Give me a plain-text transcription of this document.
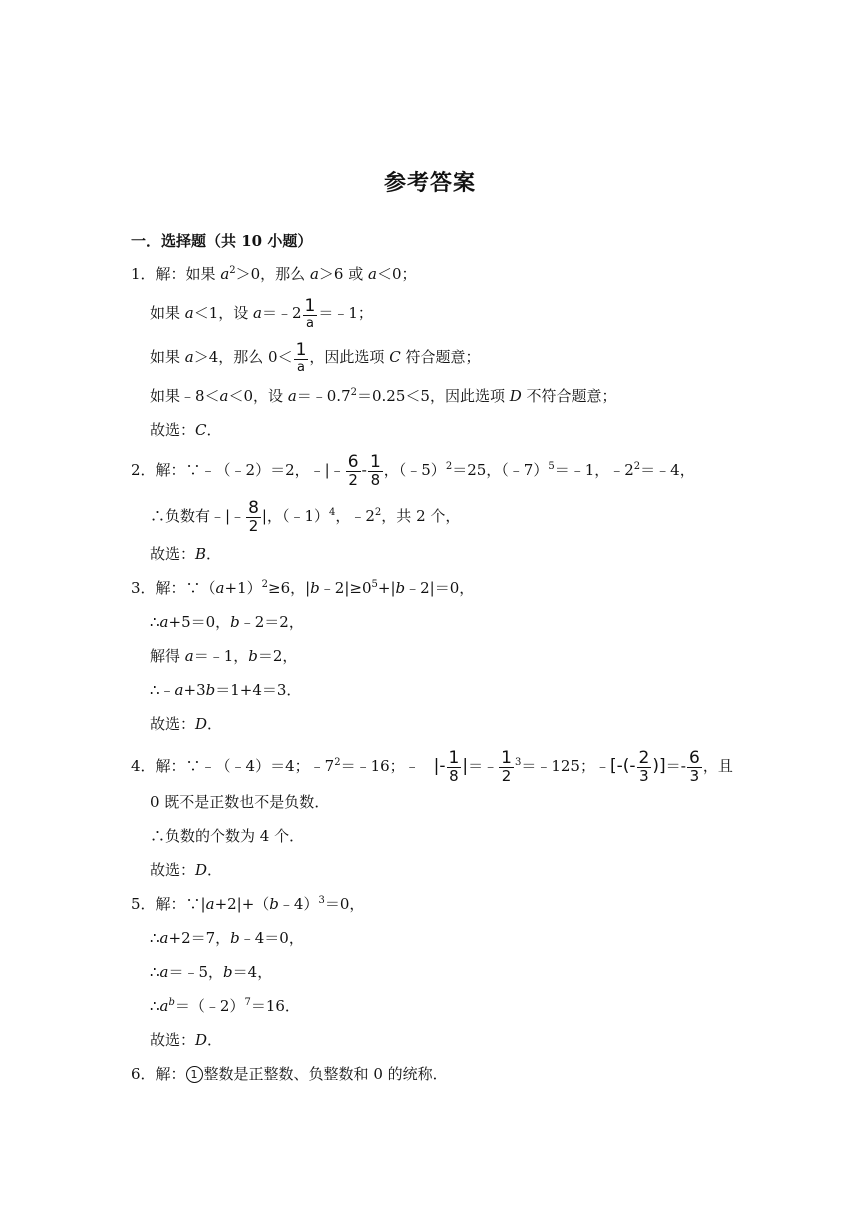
参考答案
一．选择题（共 10 小题）
1．解：如果 $a^2>0$，那么 a＞6 或 a＜0；
如果 a＜1，设 a＝﹣2 $\frac{1}{a}$ ＝﹣1；
如果 a＞4，那么 $0< \frac{1}{a}$ ，因此选项 C 符合题意；
如果﹣8＜a＜0，设 $a=﹣0.7^2=0.25<5$，因此选项 D 不符合题意；
故选：C．
2．解：∵﹣（﹣2）＝2，﹣|﹣ $\frac{6}{2} - \frac{1}{8}$ ，（﹣5）$^2$＝25，（﹣7）$^5$＝﹣1，$﹣2^2=﹣4$，
∴负数有﹣|﹣ $\frac{8}{2}$ |，（﹣1）$^4$，$﹣2^2$，共 2 个，
故选：B．
3．解：$\because(a+1)^2\ge 6$，$|b﹣2|\ge 0^5+|b﹣2|=0$，
∴a+5＝0，b﹣2＝2，
解得 a＝﹣1，b＝2，
∴﹣a+3b＝1+4＝3．
故选：D．
4．解：∵﹣（﹣4）＝4；$﹣7^2=﹣16$；﹣ |- $\frac{1}{8}$ |＝﹣ $\frac{1}{2}$ $^3$＝﹣125；﹣[-(- $\frac{2}{3}$ )]＝- $\frac{6}{3}$ ，且
0 既不是正数也不是负数．
∴负数的个数为 4 个．
故选：D．
5．解：∵|a+2|+（b﹣4）$^3$＝0，
∴a+2＝7，b﹣4＝0，
∴a＝﹣5，b＝4，
$\therefore a^b=(﹣2)^7=16$．
故选：D．
6．解： 1 整数是正整数、负整数和 0 的统称．
